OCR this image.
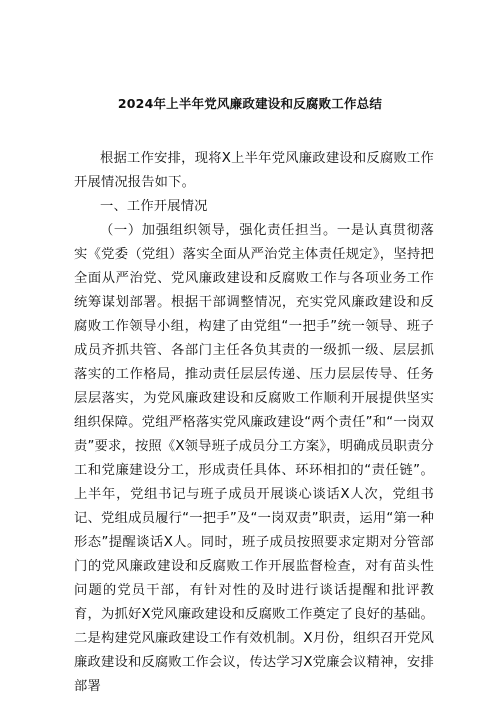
2024年上半年党风廉政建设和反腐败工作总结

根据工作安排，现将X上半年党风廉政建设和反腐败工作开展情况报告如下。

一、工作开展情况

（一）加强组织领导，强化责任担当。一是认真贯彻落实《党委（党组）落实全面从严治党主体责任规定》，坚持把全面从严治党、党风廉政建设和反腐败工作与各项业务工作统筹谋划部署。根据干部调整情况，充实党风廉政建设和反腐败工作领导小组，构建了由党组“一把手”统一领导、班子成员齐抓共管、各部门主任各负其责的一级抓一级、层层抓落实的工作格局，推动责任层层传递、压力层层传导、任务层层落实，为党风廉政建设和反腐败工作顺利开展提供坚实组织保障。党组严格落实党风廉政建设“两个责任”和“一岗双责”要求，按照《X领导班子成员分工方案》，明确成员职责分工和党廉建设分工，形成责任具体、环环相扣的“责任链”。上半年，党组书记与班子成员开展谈心谈话X人次，党组书记、党组成员履行“一把手”及“一岗双责”职责，运用“第一种形态”提醒谈话X人。同时，班子成员按照要求定期对分管部门的党风廉政建设和反腐败工作开展监督检查，对有苗头性问题的党员干部，有针对性的及时进行谈话提醒和批评教育，为抓好X党风廉政建设和反腐败工作奠定了良好的基础。二是构建党风廉政建设工作有效机制。X月份，组织召开党风廉政建设和反腐败工作会议，传达学习X党廉会议精神，安排部署
